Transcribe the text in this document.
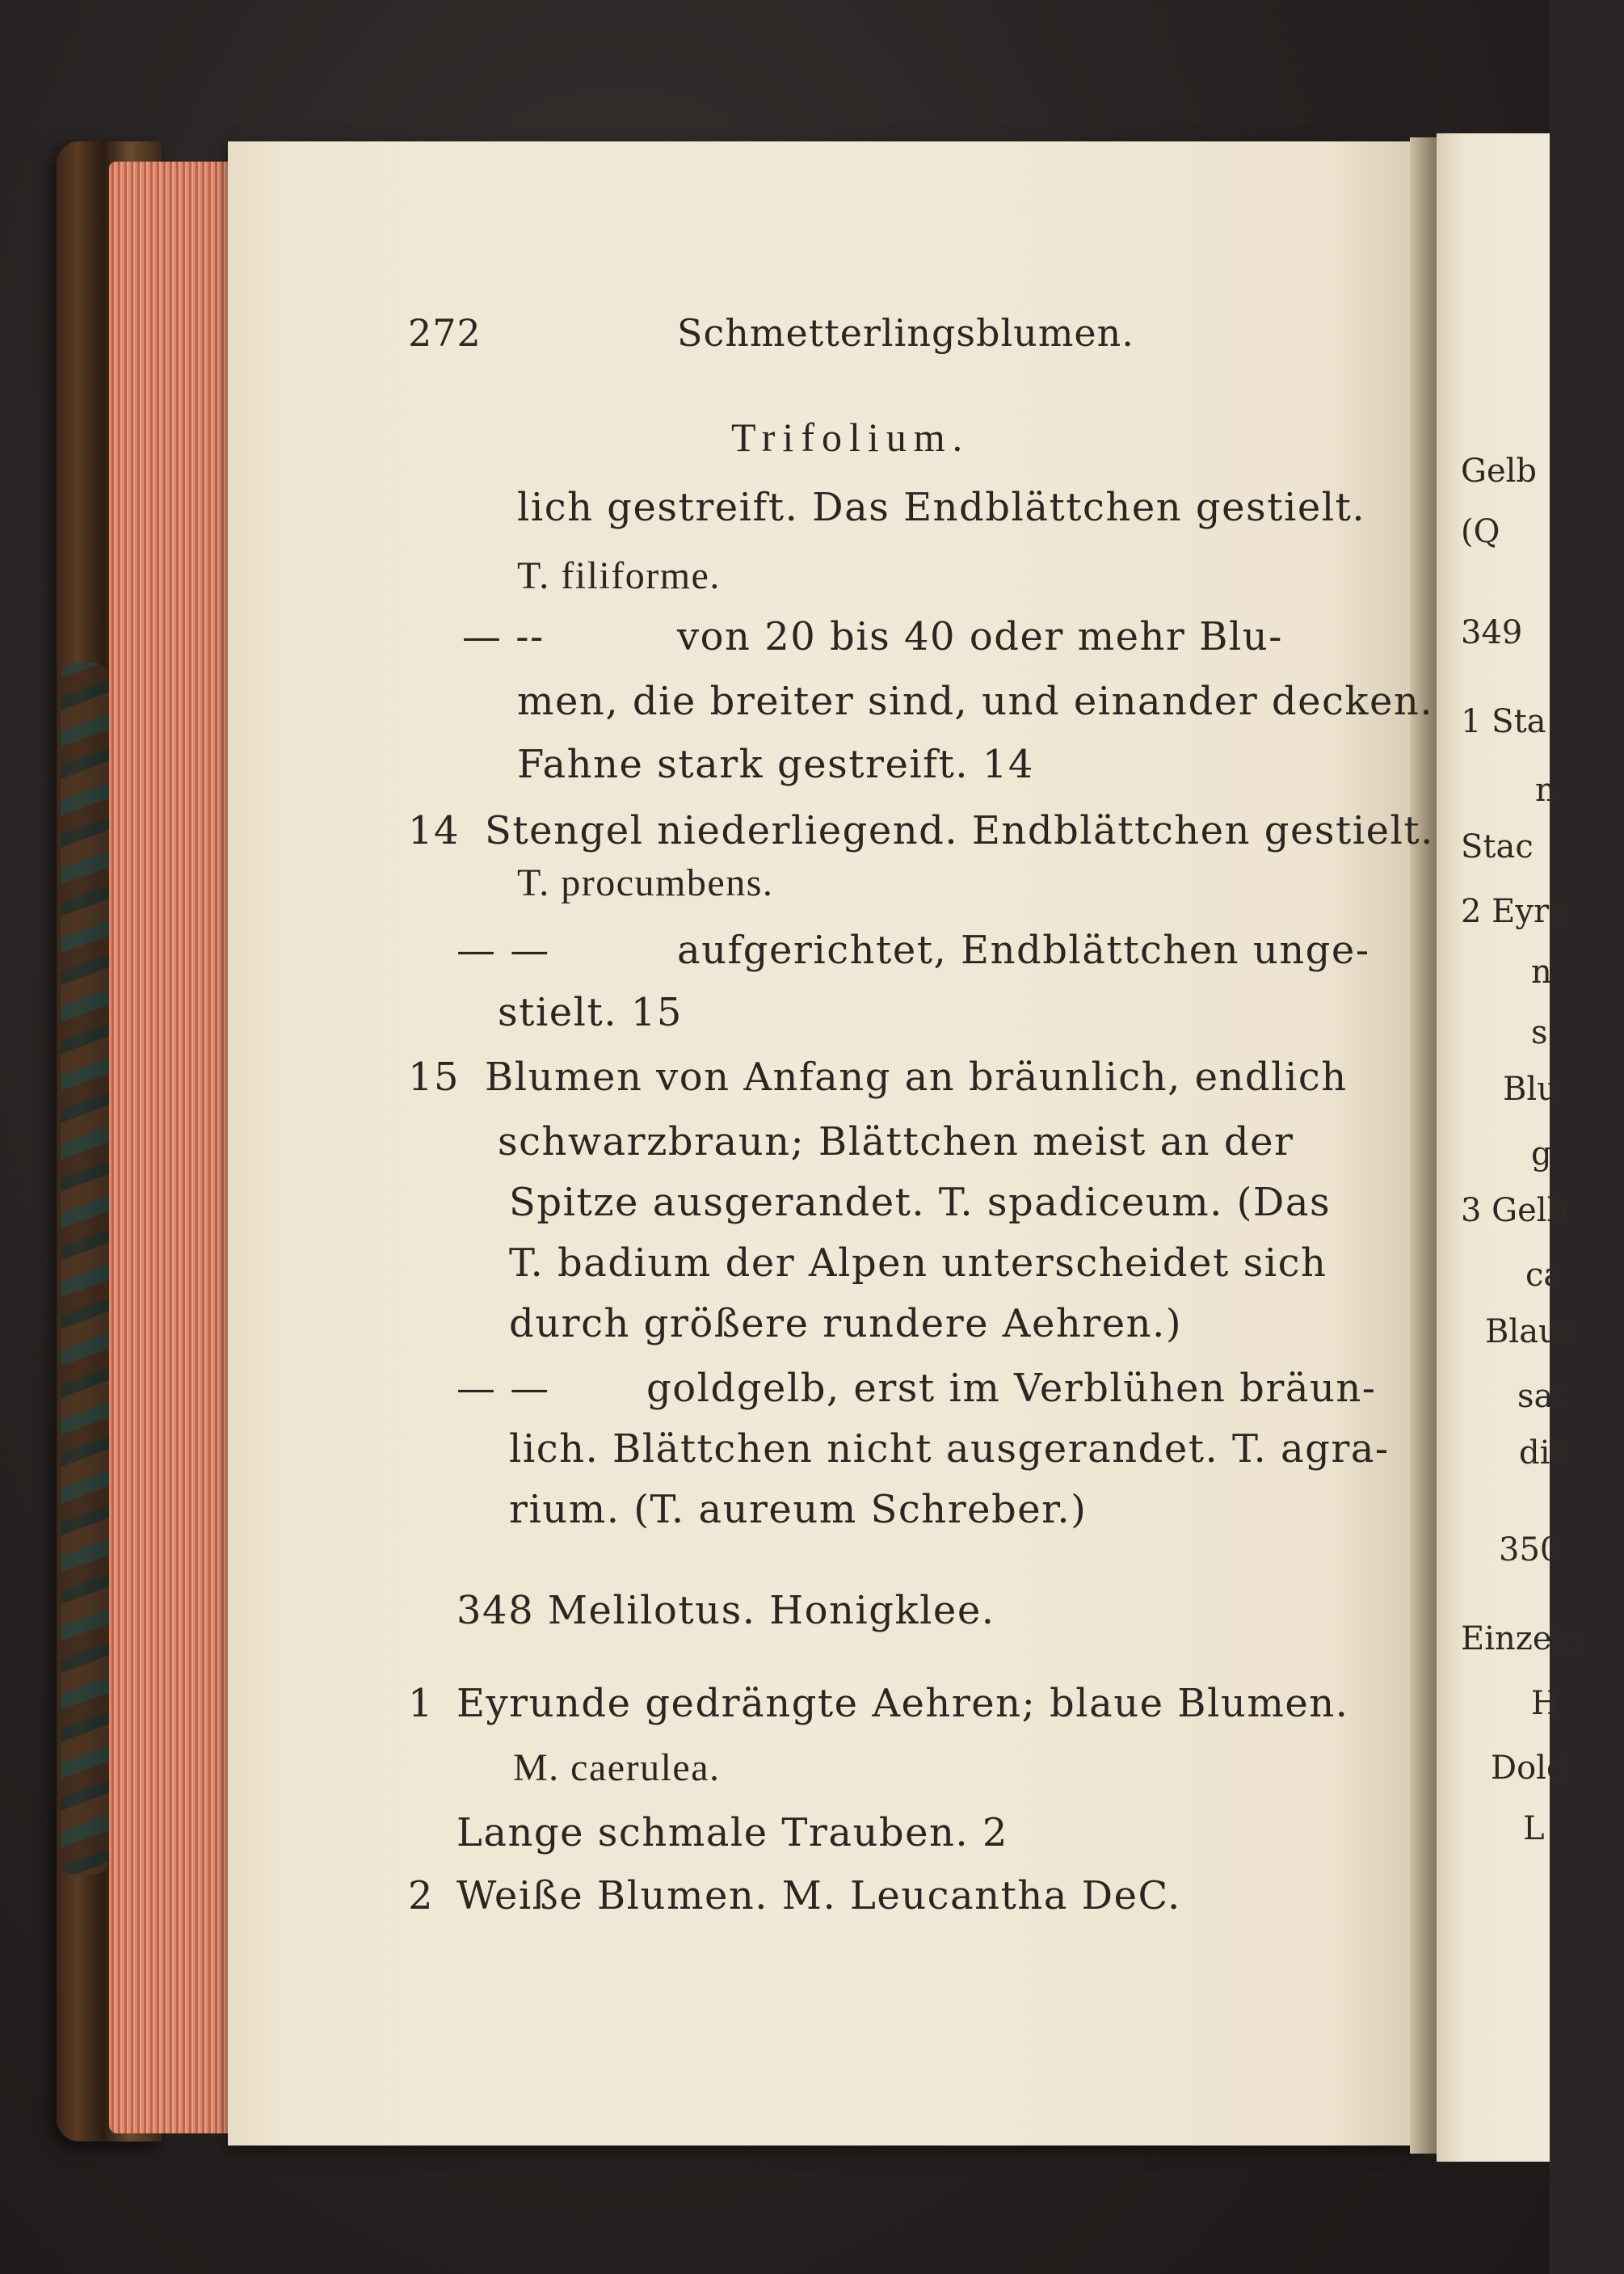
272	Schmetterlingsblumen.
Trifolium.
lich gestreift. Das Endblättchen gestielt.
T. filiforme.
— --	von 20 bis 40 oder mehr Blu-
men, die breiter sind, und einander decken.
Fahne stark gestreift. 14
14 Stengel niederliegend. Endblättchen gestielt.
T. procumbens.
— —	aufgerichtet, Endblättchen unge-
stielt. 15
15 Blumen von Anfang an bräunlich, endlich
schwarzbraun; Blättchen meist an der
Spitze ausgerandet. T. spadiceum. (Das
T. badium der Alpen unterscheidet sich
durch größere rundere Aehren.)
— — goldgelb, erst im Verblühen bräun-
lich. Blättchen nicht ausgerandet. T. agra-
rium. (T. aureum Schreber.)
348 Melilotus. Honigklee.
1 Eyrunde gedrängte Aehren; blaue Blumen.
M. caerulea.
Lange schmale Trauben. 2
2 Weiße Blumen. M. Leucantha DeC.
Gelb
(Q
349
1 Sta
n
Stac
2 Eyru
n
s
Blu
g
3 Gelb
ca
Blaue
sat
die
350
Einzeln
H
Dold
L
